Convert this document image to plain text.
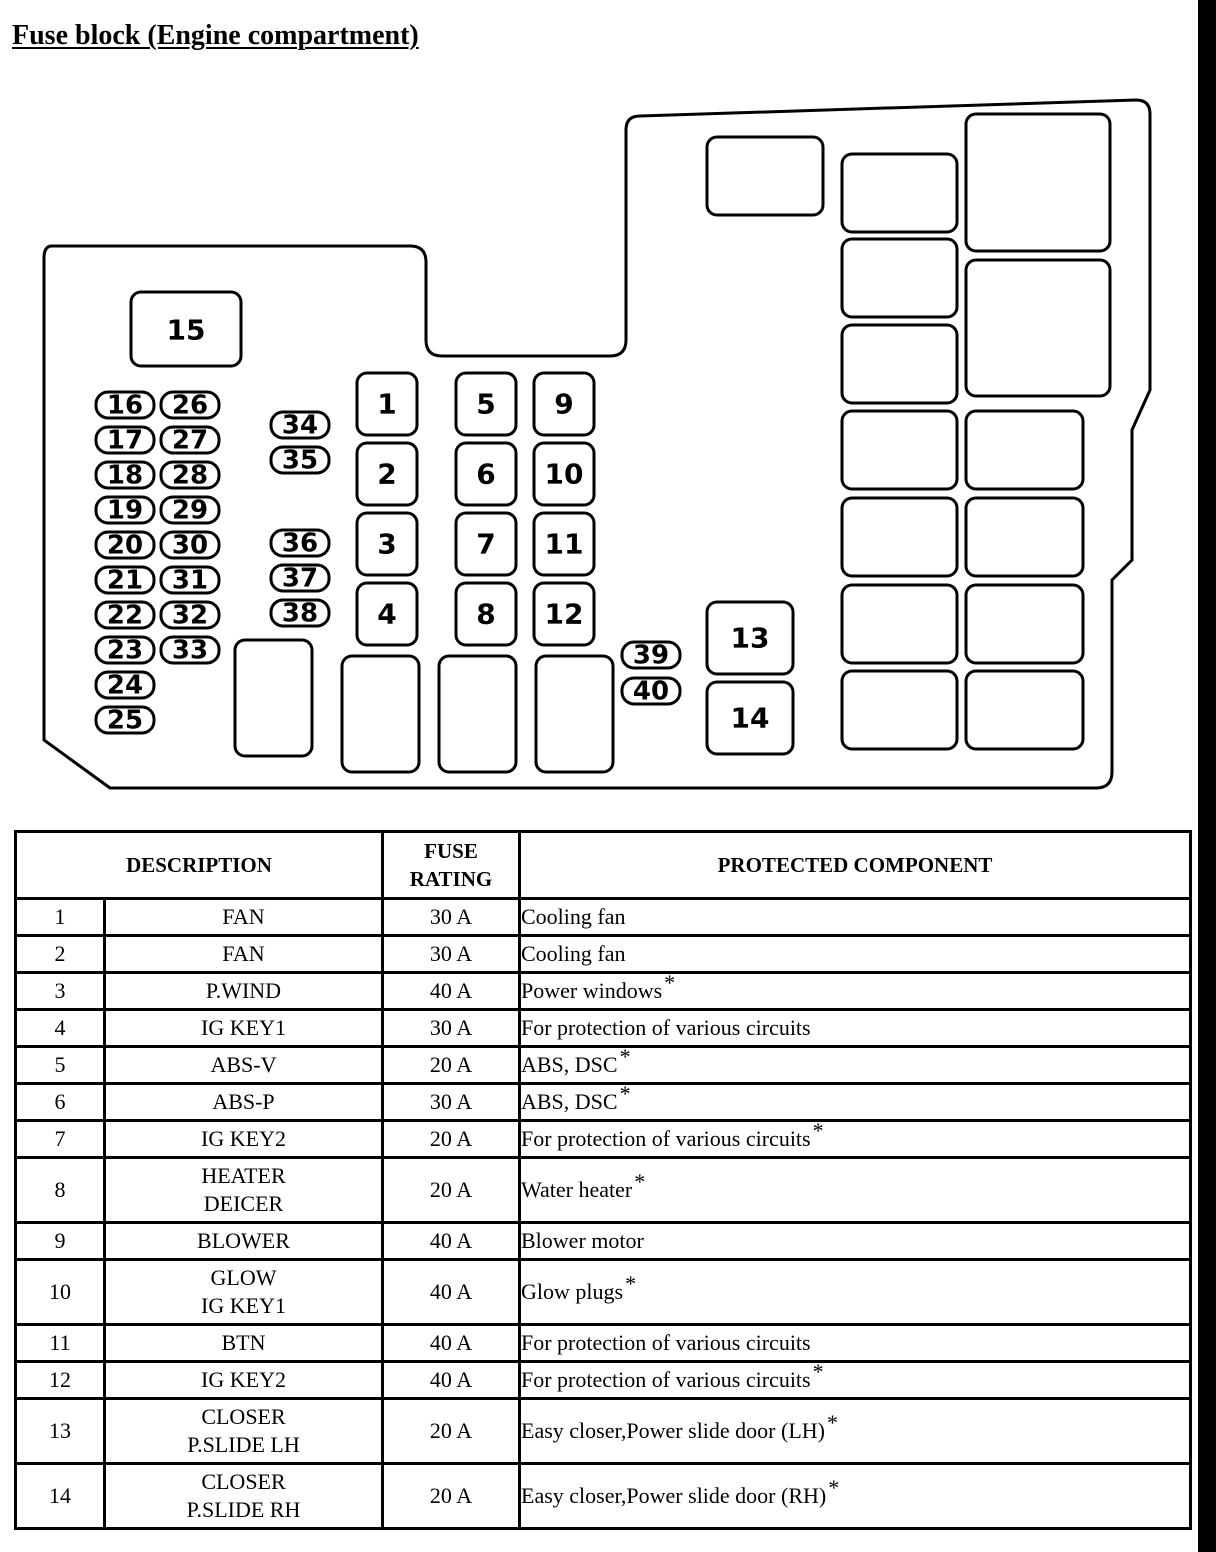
Fuse block (Engine compartment)
1
2
3
4
5
6
7
8
9
10
11
12
13
14
15
16
17
18
19
20
21
22
23
24
25
26
27
28
29
30
31
32
33
34
35
36
37
38
39
40
DESCRIPTION		FUSE
RATING	PROTECTED COMPONENT
1	FAN	30 A	Cooling fan
2	FAN	30 A	Cooling fan
3	P.WIND	40 A	Power windows*
4	IG KEY1	30 A	For protection of various circuits
5	ABS-V	20 A	ABS, DSC*
6	ABS-P	30 A	ABS, DSC*
7	IG KEY2	20 A	For protection of various circuits*
8	HEATER
DEICER	20 A	Water heater*
9	BLOWER	40 A	Blower motor
10	GLOW
IG KEY1	40 A	Glow plugs*
11	BTN	40 A	For protection of various circuits
12	IG KEY2	40 A	For protection of various circuits*
13	CLOSER
P.SLIDE LH	20 A	Easy closer,Power slide door (LH)*
14	CLOSER
P.SLIDE RH	20 A	Easy closer,Power slide door (RH)*
